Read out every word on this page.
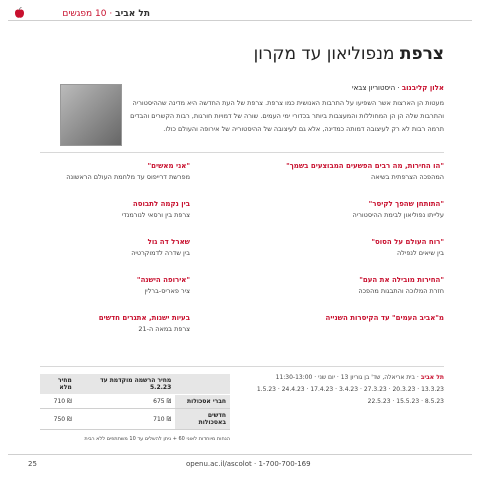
תל אביב · 10 מפגשים
צרפת מנפוליאון עד מקרון
אלון קליבנוב · היסטוריון צבאי
מעטות הן הארצות אשר השפיעו על התרבות האנושית כמו צרפת. צרפת של העת החדשה היא מדינה שההיסטוריה והתרבות שלה הן הן המחוללות והמעצבות ביותר בכדורי ימי העמים. שורה של דמויות חורגות, רבות הקשרים והבדים תרמה רבות לא רק לעיצובה דמותה כמדינה, אלא גם לעיצובה של ההיסטוריה של אירופה והעולם כולו.
"הו החירות, מה רבים הפשעים המבוצעים בשמך"
המהפכה הצרפתית בשיאה
"התותחן שהפך לקיסר"
עלייתו נפוליאון לבימת ההיסטוריה
"רוח העולם על הסוס"
בין שיאים לנפילה
"החירות מובילה את העם"
חזרת המלוכה והתבגות מהפכה
מ"אביב העמים" עד הקיסרות השנייה
"אני מאשים"
מפרשת דרייפוס עד מלחמת העולם הראשונה
בין נקמה לתבוסה
צרפת בין ורסאי לנורמנדי
שארל דה גול
בין שדרה לדמוקרטיה
"אירופה הישנה"
ציר פאריס-ברלין
בעיות ישנות, אתגרים חדשים
צרפת במאה ה-21
תל אביב · בית אריאלה, שד' בן גוריון 13 · יום שני · 11:30-13:00
13.3.23 · 20.3.23 · 27.3.23 · 3.4.23 · 17.4.23 · 24.4.23 · 1.5.23
8.5.23 · 15.5.23 · 22.5.23
	מחיר הרשמה מוקדמת עד 5.2.23	מחיר מלא
חברי אסכולות	₪ 675	₪ 710
חדשים באסכולות	₪ 710	₪ 750
הנחות מיוחדות לאוני 60 + ניתן להשלים עד 10 משתתפים ללא רבית
25	openu.ac.il/ascolot · 1-700-700-169
